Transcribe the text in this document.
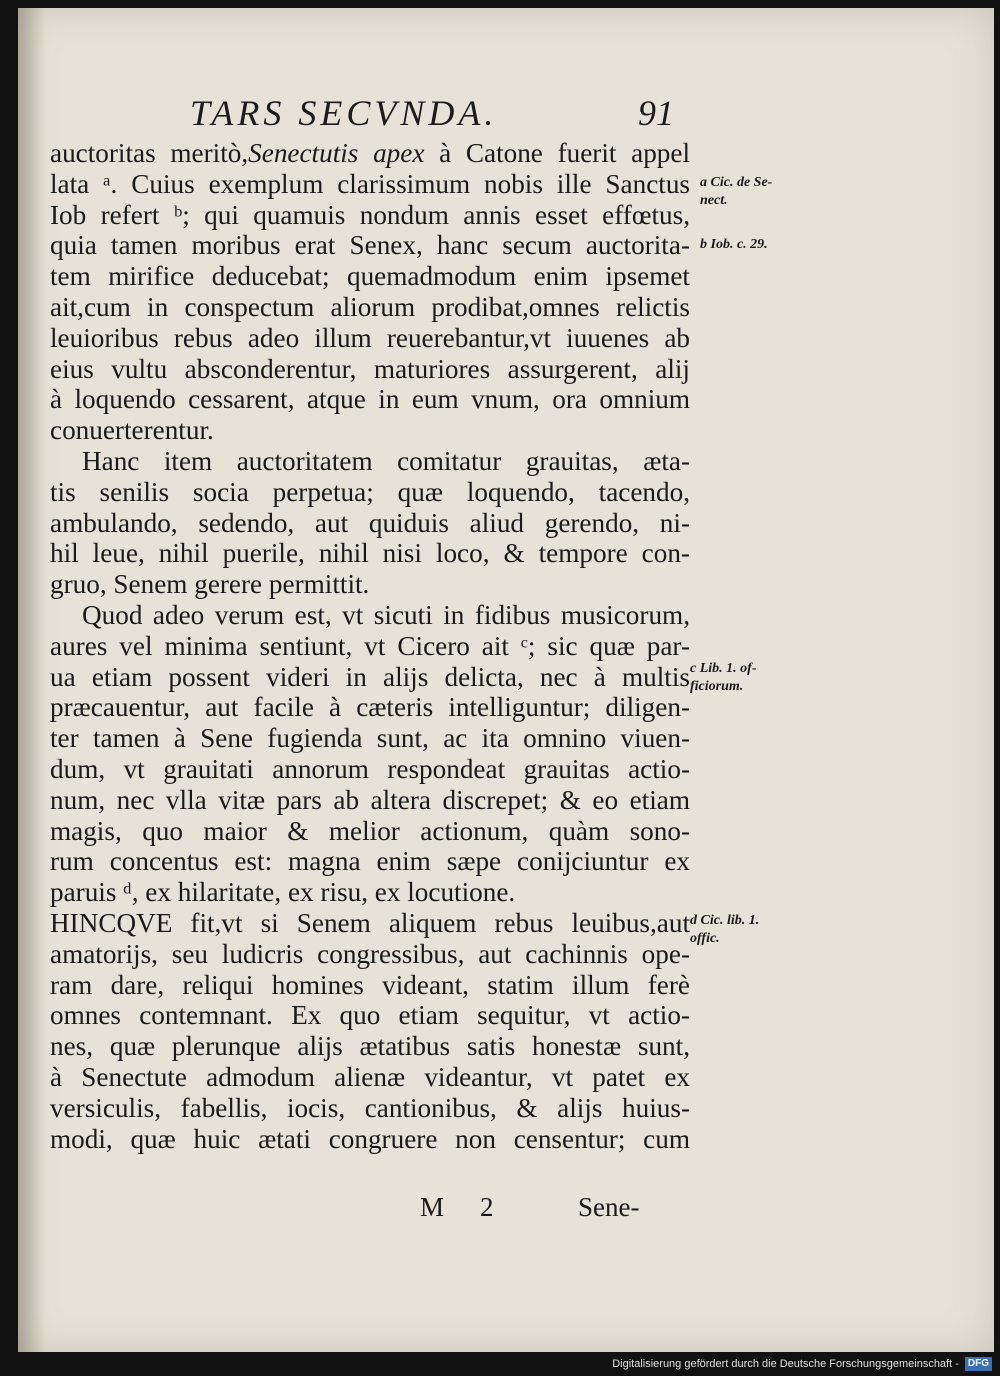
TARS SECVNDA.	91
auctoritas meritò,Senectutis apex à Catone fuerit appel
lata ᵃ. Cuius exemplum clarissimum nobis ille Sanctus
Iob refert ᵇ; qui quamuis nondum annis esset effœtus,
quia tamen moribus erat Senex, hanc secum auctorita-
tem mirifice deducebat; quemadmodum enim ipsemet
ait,cum in conspectum aliorum prodibat,omnes relictis
leuioribus rebus adeo illum reuerebantur,vt iuuenes ab
eius vultu absconderentur, maturiores assurgerent, alij
à loquendo cessarent, atque in eum vnum, ora omnium
conuerterentur.
Hanc item auctoritatem comitatur grauitas, æta-
tis senilis socia perpetua; quæ loquendo, tacendo,
ambulando, sedendo, aut quiduis aliud gerendo, ni-
hil leue, nihil puerile, nihil nisi loco, & tempore con-
gruo, Senem gerere permittit.
Quod adeo verum est, vt sicuti in fidibus musicorum,
aures vel minima sentiunt, vt Cicero ait ᶜ; sic quæ par-
ua etiam possent videri in alijs delicta, nec à multis
præcauentur, aut facile à cæteris intelliguntur; diligen-
ter tamen à Sene fugienda sunt, ac ita omnino viuen-
dum, vt grauitati annorum respondeat grauitas actio-
num, nec vlla vitæ pars ab altera discrepet; & eo etiam
magis, quo maior & melior actionum, quàm sono-
rum concentus est: magna enim sæpe conijciuntur ex
paruis ᵈ, ex hilaritate, ex risu, ex locutione.
HINCQVE fit,vt si Senem aliquem rebus leuibus,aut
amatorijs, seu ludicris congressibus, aut cachinnis ope-
ram dare, reliqui homines videant, statim illum ferè
omnes contemnant. Ex quo etiam sequitur, vt actio-
nes, quæ plerunque alijs ætatibus satis honestæ sunt,
à Senectute admodum alienæ videantur, vt patet ex
versiculis, fabellis, iocis, cantionibus, & alijs huius-
modi, quæ huic ætati congruere non censentur; cum
a Cic. de Se-
nect.
b Iob. c. 29.
c Lib. 1. of-
ficiorum.
d Cic. lib. 1.
offic.
M 2	Sene-
Digitalisierung gefördert durch die Deutsche Forschungsgemeinschaft - DFG
